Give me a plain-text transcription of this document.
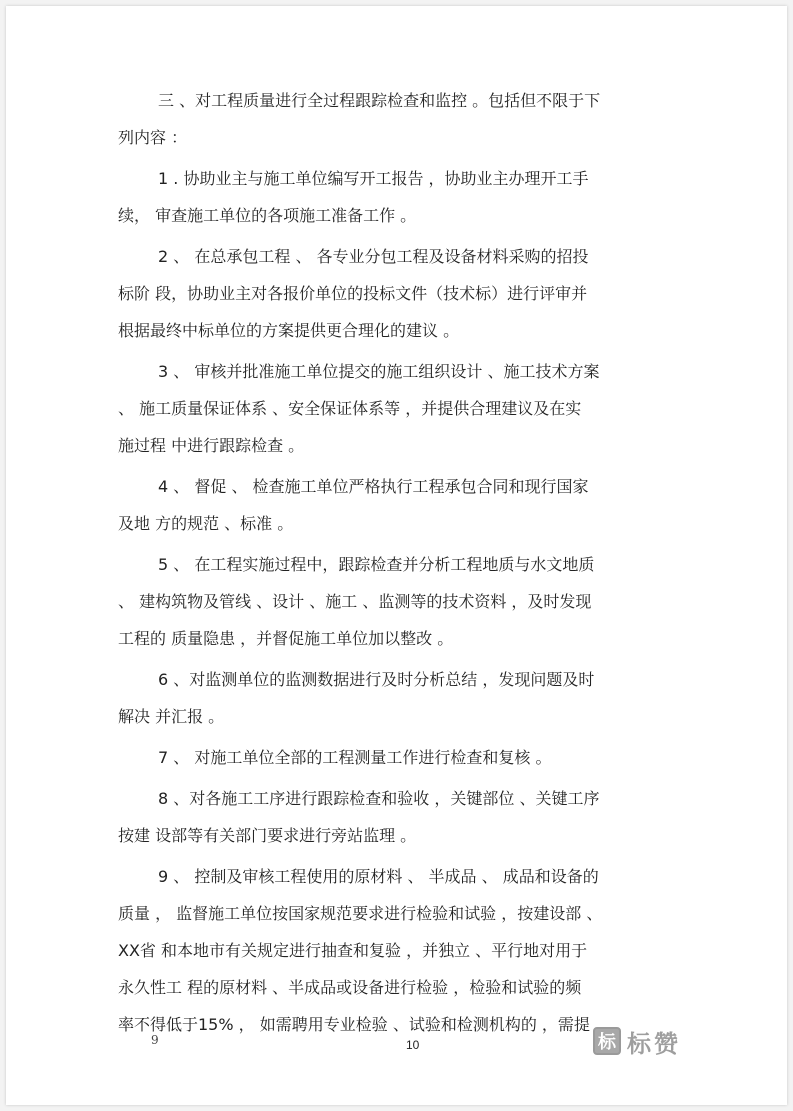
三 、对工程质量进行全过程跟踪检查和监控 。包括但不限于下
列内容 ：
1 . 协助业主与施工单位编写开工报告 ，协助业主办理开工手
续， 审查施工单位的各项施工准备工作 。
2 、 在总承包工程 、 各专业分包工程及设备材料采购的招投
标阶 段，协助业主对各报价单位的投标文件（技术标）进行评审并
根据最终中标单位的方案提供更合理化的建议 。
3 、 审核并批准施工单位提交的施工组织设计 、施工技术方案
、 施工质量保证体系 、安全保证体系等 ，并提供合理建议及在实
施过程 中进行跟踪检查 。
4 、 督促 、 检查施工单位严格执行工程承包合同和现行国家
及地 方的规范 、标准 。
5 、 在工程实施过程中，跟踪检查并分析工程地质与水文地质
、 建构筑物及管线 、设计 、施工 、监测等的技术资料 ，及时发现
工程的 质量隐患 ，并督促施工单位加以整改 。
6 、对监测单位的监测数据进行及时分析总结 ，发现问题及时
解决 并汇报 。
7 、 对施工单位全部的工程测量工作进行检查和复核 。
8 、对各施工工序进行跟踪检查和验收 ，关键部位 、关键工序
按建 设部等有关部门要求进行旁站监理 。
9 、 控制及审核工程使用的原材料 、 半成品 、 成品和设备的
质量 ， 监督施工单位按国家规范要求进行检验和试验 ，按建设部 、
XX省 和本地市有关规定进行抽查和复验 ，并独立 、平行地对用于
永久性工 程的原材料 、半成品或设备进行检验 ，检验和试验的频
率不得低于15% ， 如需聘用专业检验 、试验和检测机构的 ，需提
9	10	标 标赞
